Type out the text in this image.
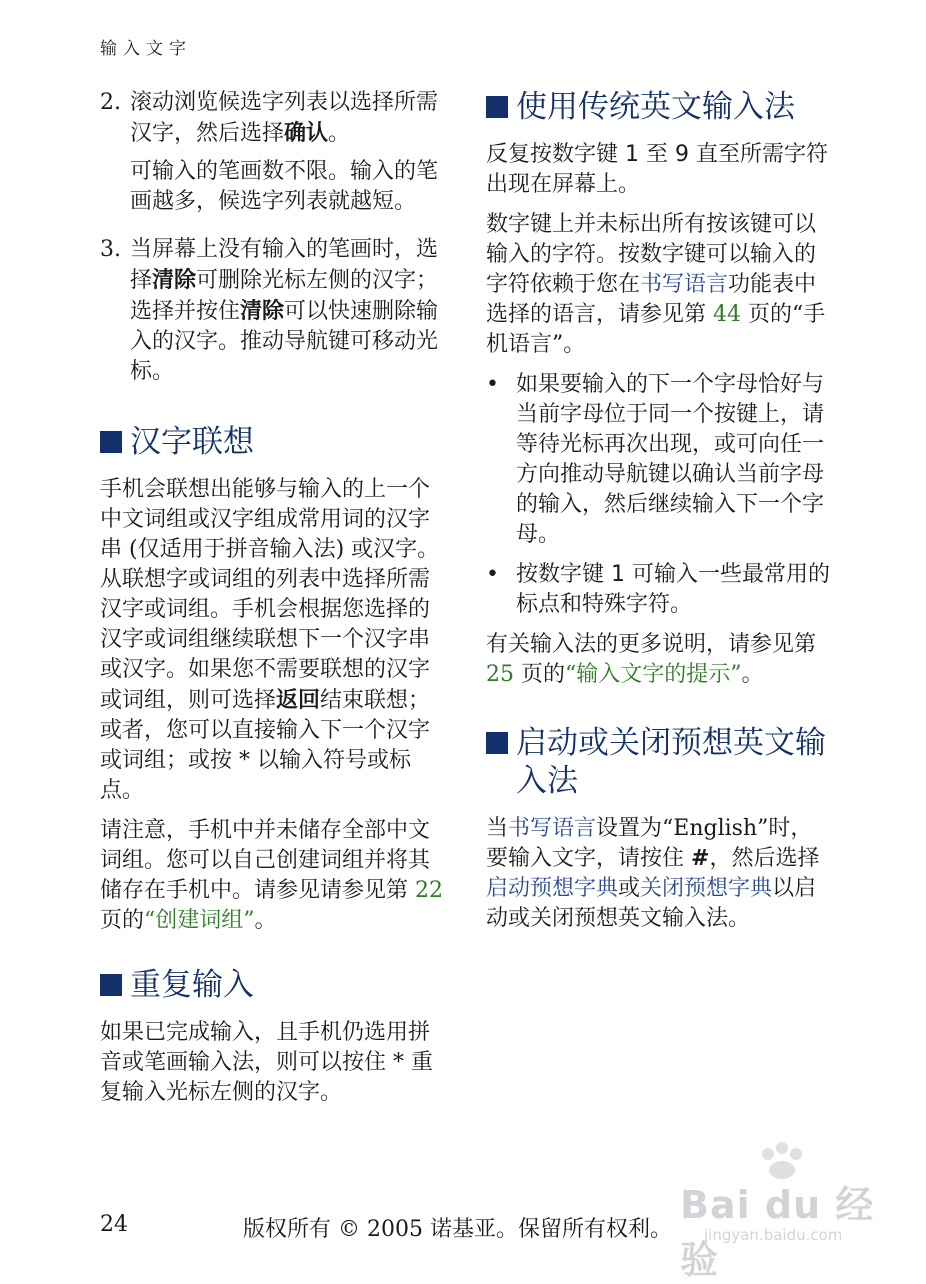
输入文字
2. 滚动浏览候选字列表以选择所需汉字，然后选择确认。

可输入的笔画数不限。输入的笔画越多，候选字列表就越短。

3. 当屏幕上没有输入的笔画时，选择清除可删除光标左侧的汉字；选择并按住清除可以快速删除输入的汉字。推动导航键可移动光标。

汉字联想

手机会联想出能够与输入的上一个中文词组或汉字组成常用词的汉字串 (仅适用于拼音输入法) 或汉字。从联想字或词组的列表中选择所需汉字或词组。手机会根据您选择的汉字或词组继续联想下一个汉字串或汉字。如果您不需要联想的汉字或词组，则可选择返回结束联想；或者，您可以直接输入下一个汉字或词组；或按 * 以输入符号或标点。

请注意，手机中并未储存全部中文词组。您可以自己创建词组并将其储存在手机中。请参见请参见第 22 页的“创建词组”。

重复输入

如果已完成输入，且手机仍选用拼音或笔画输入法，则可以按住 * 重复输入光标左侧的汉字。

使用传统英文输入法

反复按数字键 1 至 9 直至所需字符出现在屏幕上。

数字键上并未标出所有按该键可以输入的字符。按数字键可以输入的字符依赖于您在书写语言功能表中选择的语言，请参见第 44 页的“手机语言”。

• 如果要输入的下一个字母恰好与当前字母位于同一个按键上，请等待光标再次出现，或可向任一方向推动导航键以确认当前字母的输入，然后继续输入下一个字母。

• 按数字键 1 可输入一些最常用的标点和特殊字符。

有关输入法的更多说明，请参见第 25 页的“输入文字的提示”。

启动或关闭预想英文输入法

当书写语言设置为“English”时，要输入文字，请按住 #，然后选择启动预想字典或关闭预想字典以启动或关闭预想英文输入法。

24	版权所有 © 2005 诺基亚。保留所有权利。
Bai du 经验
jingyan.baidu.com
